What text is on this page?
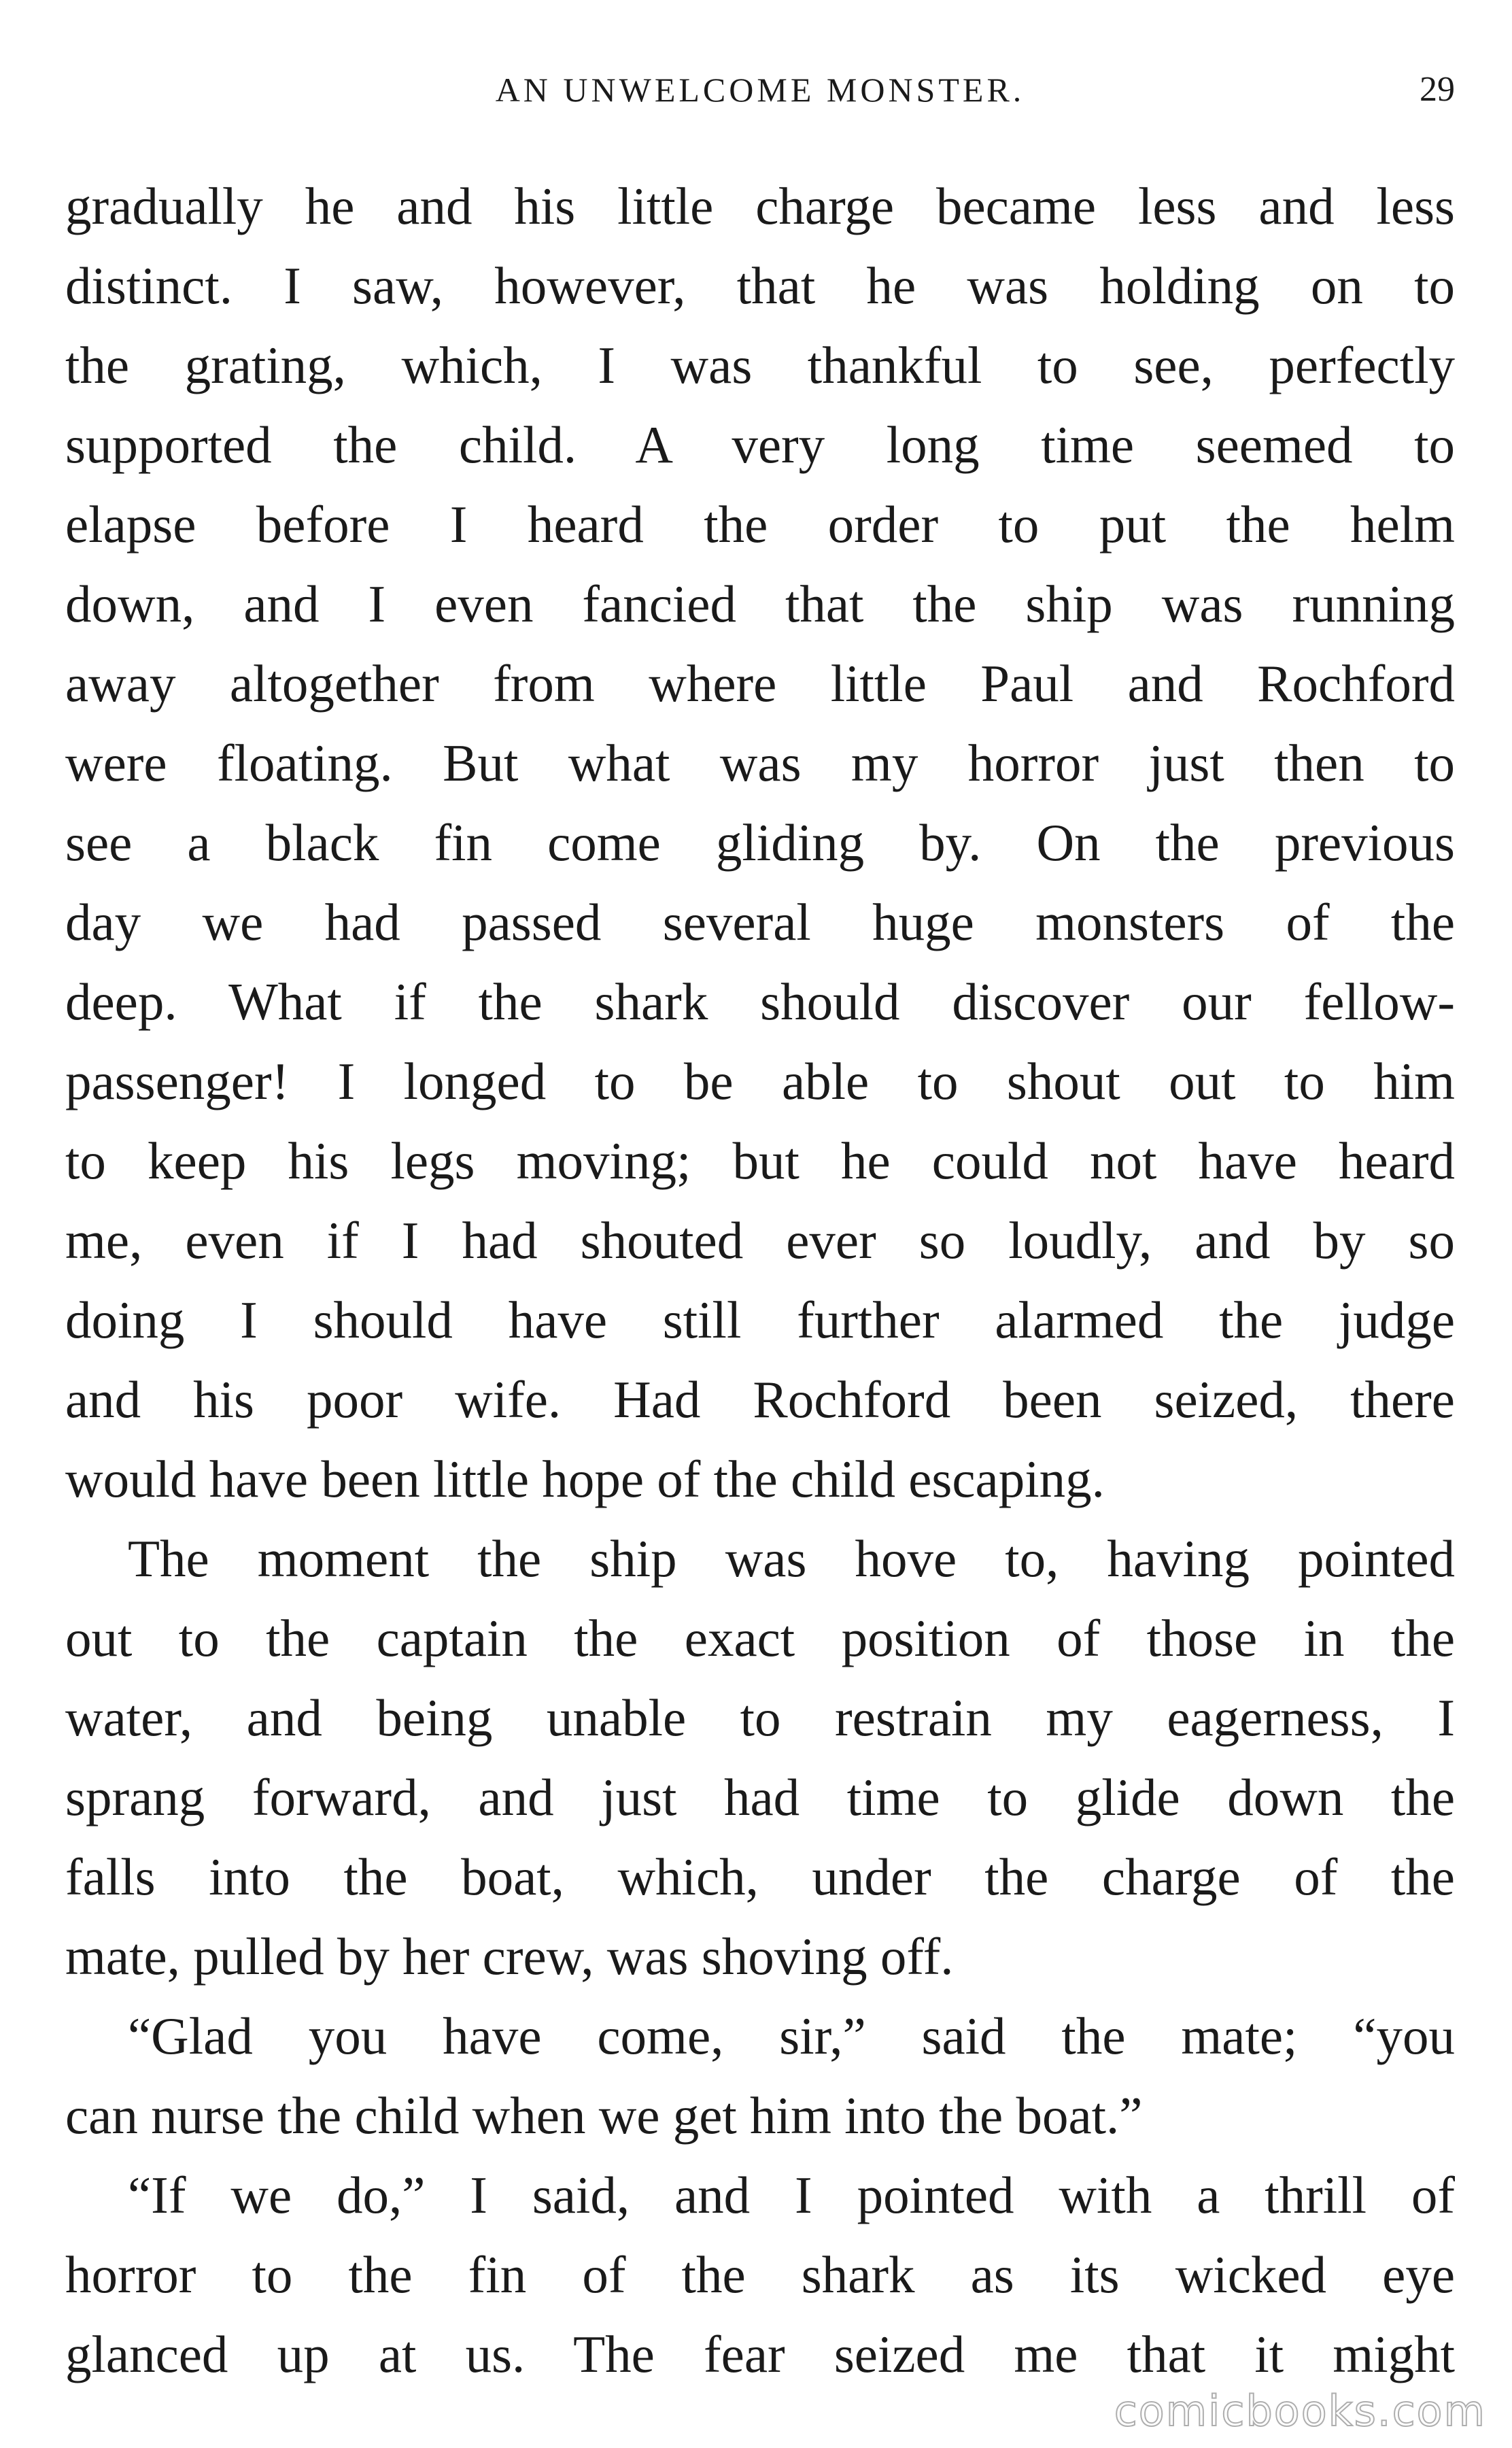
AN UNWELCOME MONSTER.	29
gradually he and his little charge became less and less
distinct. I saw, however, that he was holding on to
the grating, which, I was thankful to see, perfectly
supported the child. A very long time seemed to
elapse before I heard the order to put the helm
down, and I even fancied that the ship was running
away altogether from where little Paul and Rochford
were floating. But what was my horror just then to
see a black fin come gliding by. On the previous
day we had passed several huge monsters of the
deep. What if the shark should discover our fellow-
passenger! I longed to be able to shout out to him
to keep his legs moving; but he could not have heard
me, even if I had shouted ever so loudly, and by so
doing I should have still further alarmed the judge
and his poor wife. Had Rochford been seized, there
would have been little hope of the child escaping.
The moment the ship was hove to, having pointed
out to the captain the exact position of those in the
water, and being unable to restrain my eagerness, I
sprang forward, and just had time to glide down the
falls into the boat, which, under the charge of the
mate, pulled by her crew, was shoving off.
“Glad you have come, sir,” said the mate; “you
can nurse the child when we get him into the boat.”
“If we do,” I said, and I pointed with a thrill of
horror to the fin of the shark as its wicked eye
glanced up at us. The fear seized me that it might
comicbooks.com
